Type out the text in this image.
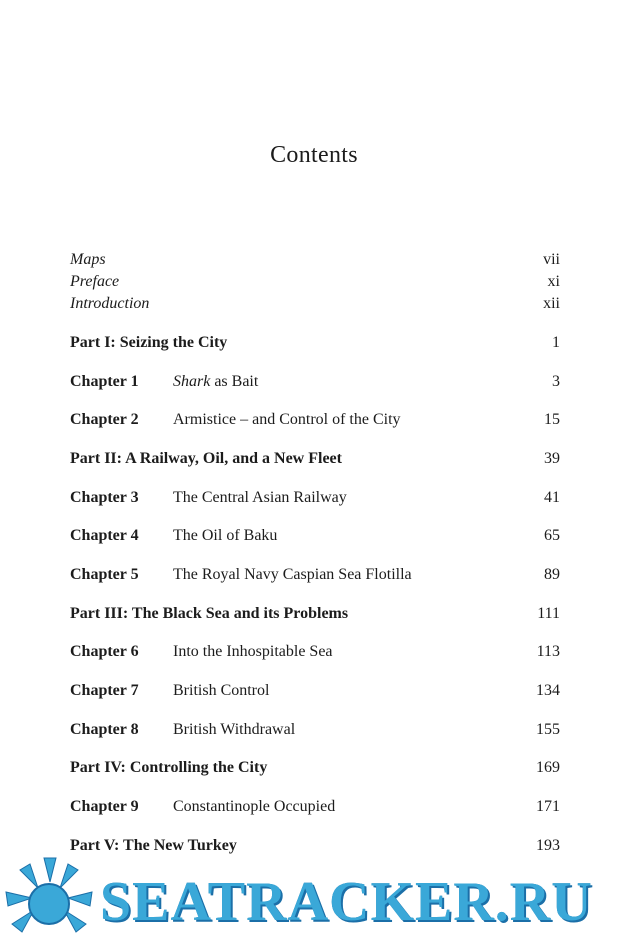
Contents
Maps	vii
Preface	xi
Introduction	xii
Part I: Seizing the City	1
Chapter 1 Shark as Bait	3
Chapter 2 Armistice – and Control of the City	15
Part II: A Railway, Oil, and a New Fleet	39
Chapter 3 The Central Asian Railway	41
Chapter 4 The Oil of Baku	65
Chapter 5 The Royal Navy Caspian Sea Flotilla	89
Part III: The Black Sea and its Problems	111
Chapter 6 Into the Inhospitable Sea	113
Chapter 7 British Control	134
Chapter 8 British Withdrawal	155
Part IV: Controlling the City	169
Chapter 9 Constantinople Occupied	171
Part V: The New Turkey	193
SEATRACKER.RU
